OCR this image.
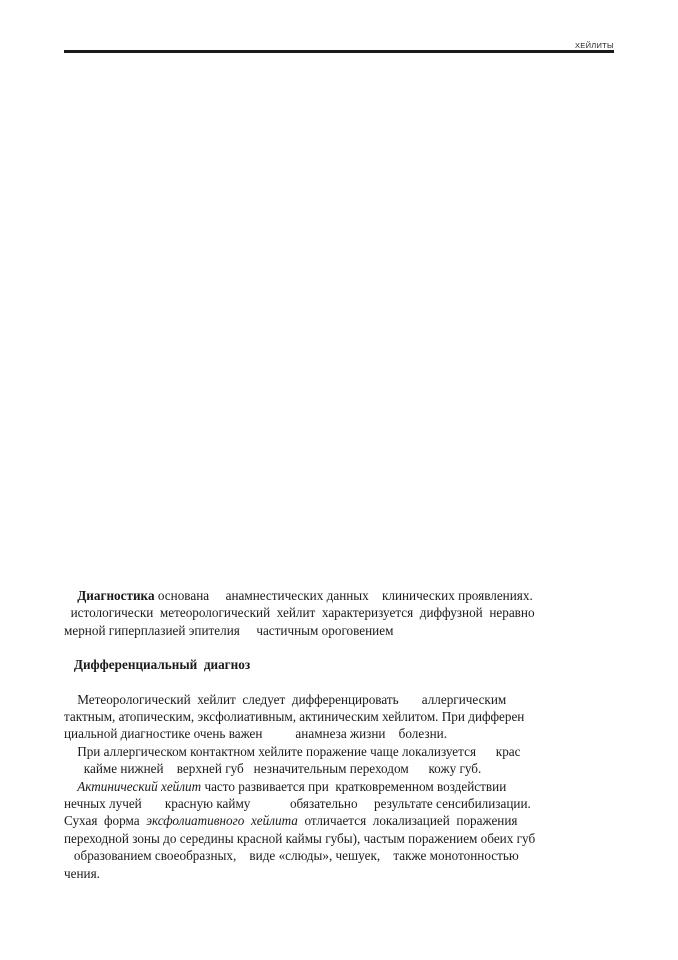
ХЕЙЛИТЫ
Диагностика основана     анамнестических данных    клинических проявлениях.
истологически  метеорологический  хейлит  характеризуется  диффузной  неравно
мерной гиперплазией эпителия     частичным ороговением
Дифференциальный  диагноз
Метеорологический  хейлит  следует  дифференцировать       аллергическим
тактным, атопическим, эксфолиативным, актиническим хейлитом. При дифферен
циальной диагностике очень важен          анамнеза жизни    болезни.
При аллергическом контактном хейлите поражение чаще локализуется      крас
кайме нижней    верхней губ   незначительным переходом      кожу губ.
Актинический хейлит часто развивается при  кратковременном воздействии
нечных лучей       красную кайму            обязательно     результате сенсибилизации.
Сухая  форма  эксфолиативного  хейлита  отличается  локализацией  поражения
переходной зоны до середины красной каймы губы), частым поражением обеих губ
образованием своеобразных,    виде «слюды», чешуек,    также монотонностью
чения.
